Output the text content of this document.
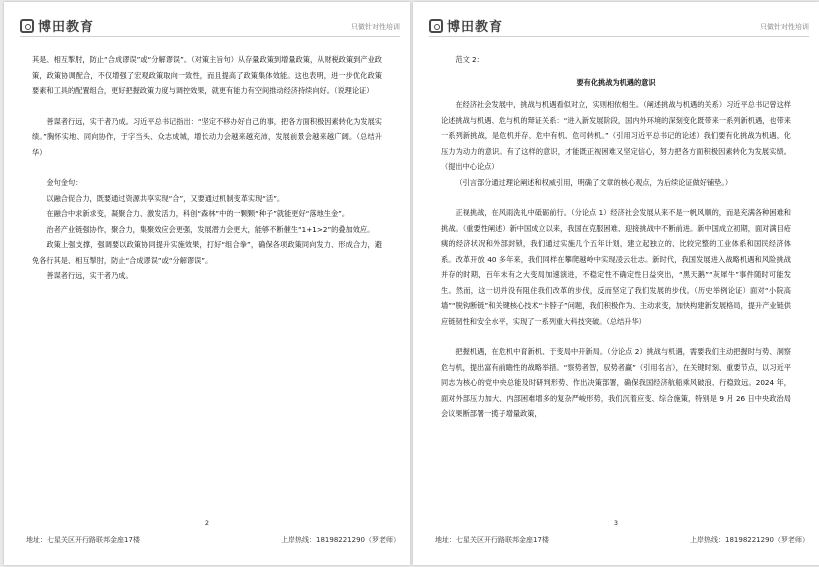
博田教育	只做针对性培训

其是、相互掣肘，防止“合成谬误”或“分解谬误”。（对策主旨句）从存量政策到增量政策，从财税政策到产业政策，政策协调配合，不仅增强了宏观政策取向一致性，而且提高了政策集体效能。这也表明，进一步优化政策要素和工具的配置组合，更好把握政策力度与调控效果，就更有能力有空间推动经济持续向好。（说理论证）

善谋者行远，实干者乃成。习近平总书记指出：“坚定不移办好自己的事，把各方面积极因素转化为发展实绩。”胸怀实地、同向协作，于字当头、众志成城，增长动力会越来越充沛，发展前景会越来越广阔。（总结升华）

金句金句：

以融合促合力，既要通过资源共享实现“合”，又要通过机制变革实现“活”。

在融合中求新求变，凝聚合力、激发活力，科创“森林”中的一颗颗“种子”就能更好“落地生金”。

治者产业链强协作，聚合力，集聚效应会更强，发展潜力会更大，能够不断催生“1+1>2”的叠加效应。

政策上强支撑，强调要以政策协同提升实施效果，打好“组合拳”，确保各项政策同向发力、形成合力，避免各行其是、相互掣肘，防止“合成谬误”或“分解谬误”。

善谋者行远，实干者乃成。

2
地址：七星关区开行路联邦金座17楼	上岸热线：18198221290（罗老师）
博田教育	只做针对性培训

范文 2：

要有化挑战为机遇的意识

在经济社会发展中，挑战与机遇看似对立，实则相依相生。（阐述挑战与机遇的关系）习近平总书记曾这样论述挑战与机遇、危与机的辩证关系：“进入新发展阶段，国内外环境的深刻变化既带来一系列新机遇，也带来一系列新挑战，是危机并存、危中有机、危可转机。”（引用习近平总书记的论述）我们要有化挑战为机遇、化压力为动力的意识。有了这样的意识，才能既正视困难又坚定信心，努力把各方面积极因素转化为发展实绩。（提出中心论点）

（引言部分通过理论阐述和权威引用，明确了文章的核心观点，为后续论证做好铺垫。）

正视挑战，在风雨洗礼中砥砺前行。（分论点 1）经济社会发展从来不是一帆风顺的，而是充满各种困难和挑战。（重要性阐述）新中国成立以来，我国在克服困难、迎接挑战中不断前进。新中国成立初期，面对满目疮痍的经济状况和外部封锁，我们通过实施几个五年计划，建立起独立的、比较完整的工业体系和国民经济体系。改革开放 40 多年来，我们同样在攀爬越岭中实现凌云壮志。新时代，我国发展进入战略机遇和风险挑战并存的时期，百年未有之大变局加速演进，不稳定性不确定性日益突出，“黑天鹅”“灰犀牛”事件随时可能发生。然而，这一切并没有阻住我们改革的步伐，反而坚定了我们发展的步伐。（历史举例论证）面对“小院高墙”“脱钩断链”和关键核心技术“卡脖子”问题，我们积极作为、主动求变，加快构建新发展格局，提升产业链供应链韧性和安全水平，实现了一系列重大科技突破。（总结升华）

把握机遇，在危机中育新机、于变局中开新局。（分论点 2）挑战与机遇，需要我们主动把握时与势、洞察危与机，提出富有前瞻性的战略举措。“察势者智，驭势者赢”（引用名言），在关键时刻、重要节点，以习近平同志为核心的党中央总能及时研判形势、作出决策部署，确保我国经济航船乘风破浪、行稳致远。2024 年，面对外部压力加大、内部困难增多的复杂严峻形势，我们沉着应变、综合施策，特别是 9 月 26 日中央政治局会议果断部署一揽子增量政策，

3
地址：七星关区开行路联邦金座17楼	上岸热线：18198221290（罗老师）
